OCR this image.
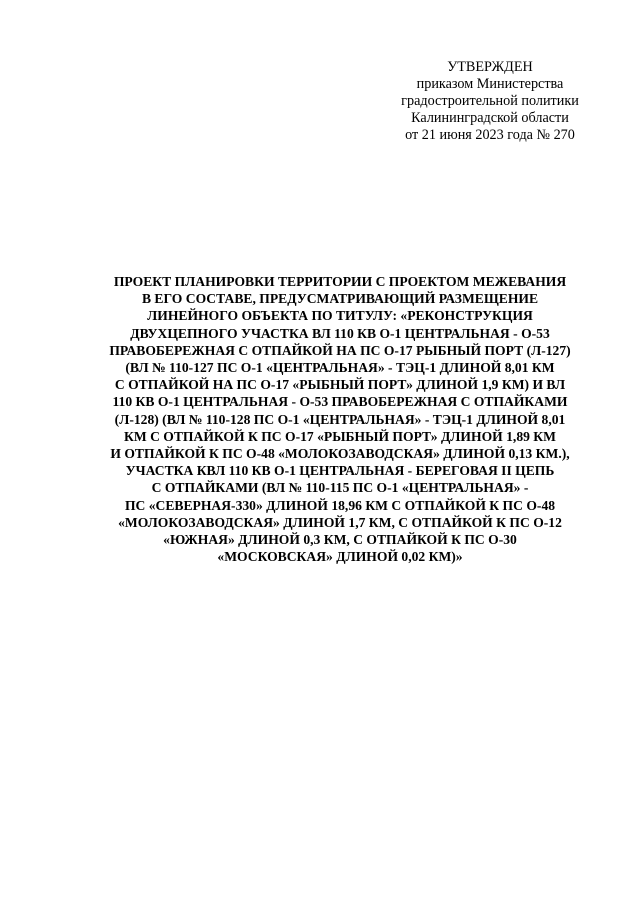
УТВЕРЖДЕН
приказом Министерства
градостроительной политики
Калининградской области
от 21 июня 2023 года № 270
ПРОЕКТ ПЛАНИРОВКИ ТЕРРИТОРИИ С ПРОЕКТОМ МЕЖЕВАНИЯ
В ЕГО СОСТАВЕ, ПРЕДУСМАТРИВАЮЩИЙ РАЗМЕЩЕНИЕ
ЛИНЕЙНОГО ОБЪЕКТА ПО ТИТУЛУ: «РЕКОНСТРУКЦИЯ
ДВУХЦЕПНОГО УЧАСТКА ВЛ 110 КВ О-1 ЦЕНТРАЛЬНАЯ - О-53
ПРАВОБЕРЕЖНАЯ С ОТПАЙКОЙ НА ПС О-17 РЫБНЫЙ ПОРТ (Л-127)
(ВЛ № 110-127 ПС О-1 «ЦЕНТРАЛЬНАЯ» - ТЭЦ-1 ДЛИНОЙ 8,01 КМ
С ОТПАЙКОЙ НА ПС О-17 «РЫБНЫЙ ПОРТ» ДЛИНОЙ 1,9 КМ) И ВЛ
110 КВ О-1 ЦЕНТРАЛЬНАЯ - О-53 ПРАВОБЕРЕЖНАЯ С ОТПАЙКАМИ
(Л-128) (ВЛ № 110-128 ПС О-1 «ЦЕНТРАЛЬНАЯ» - ТЭЦ-1 ДЛИНОЙ 8,01
КМ С ОТПАЙКОЙ К ПС О-17 «РЫБНЫЙ ПОРТ» ДЛИНОЙ 1,89 КМ
И ОТПАЙКОЙ К ПС О-48 «МОЛОКОЗАВОДСКАЯ» ДЛИНОЙ 0,13 КМ.),
УЧАСТКА КВЛ 110 КВ О-1 ЦЕНТРАЛЬНАЯ - БЕРЕГОВАЯ II ЦЕПЬ
С ОТПАЙКАМИ (ВЛ № 110-115 ПС О-1 «ЦЕНТРАЛЬНАЯ» -
ПС «СЕВЕРНАЯ-330» ДЛИНОЙ 18,96 КМ С ОТПАЙКОЙ К ПС О-48
«МОЛОКОЗАВОДСКАЯ» ДЛИНОЙ 1,7 КМ, С ОТПАЙКОЙ К ПС О-12
«ЮЖНАЯ» ДЛИНОЙ 0,3 КМ, С ОТПАЙКОЙ К ПС О-30
«МОСКОВСКАЯ» ДЛИНОЙ 0,02 КМ)»
